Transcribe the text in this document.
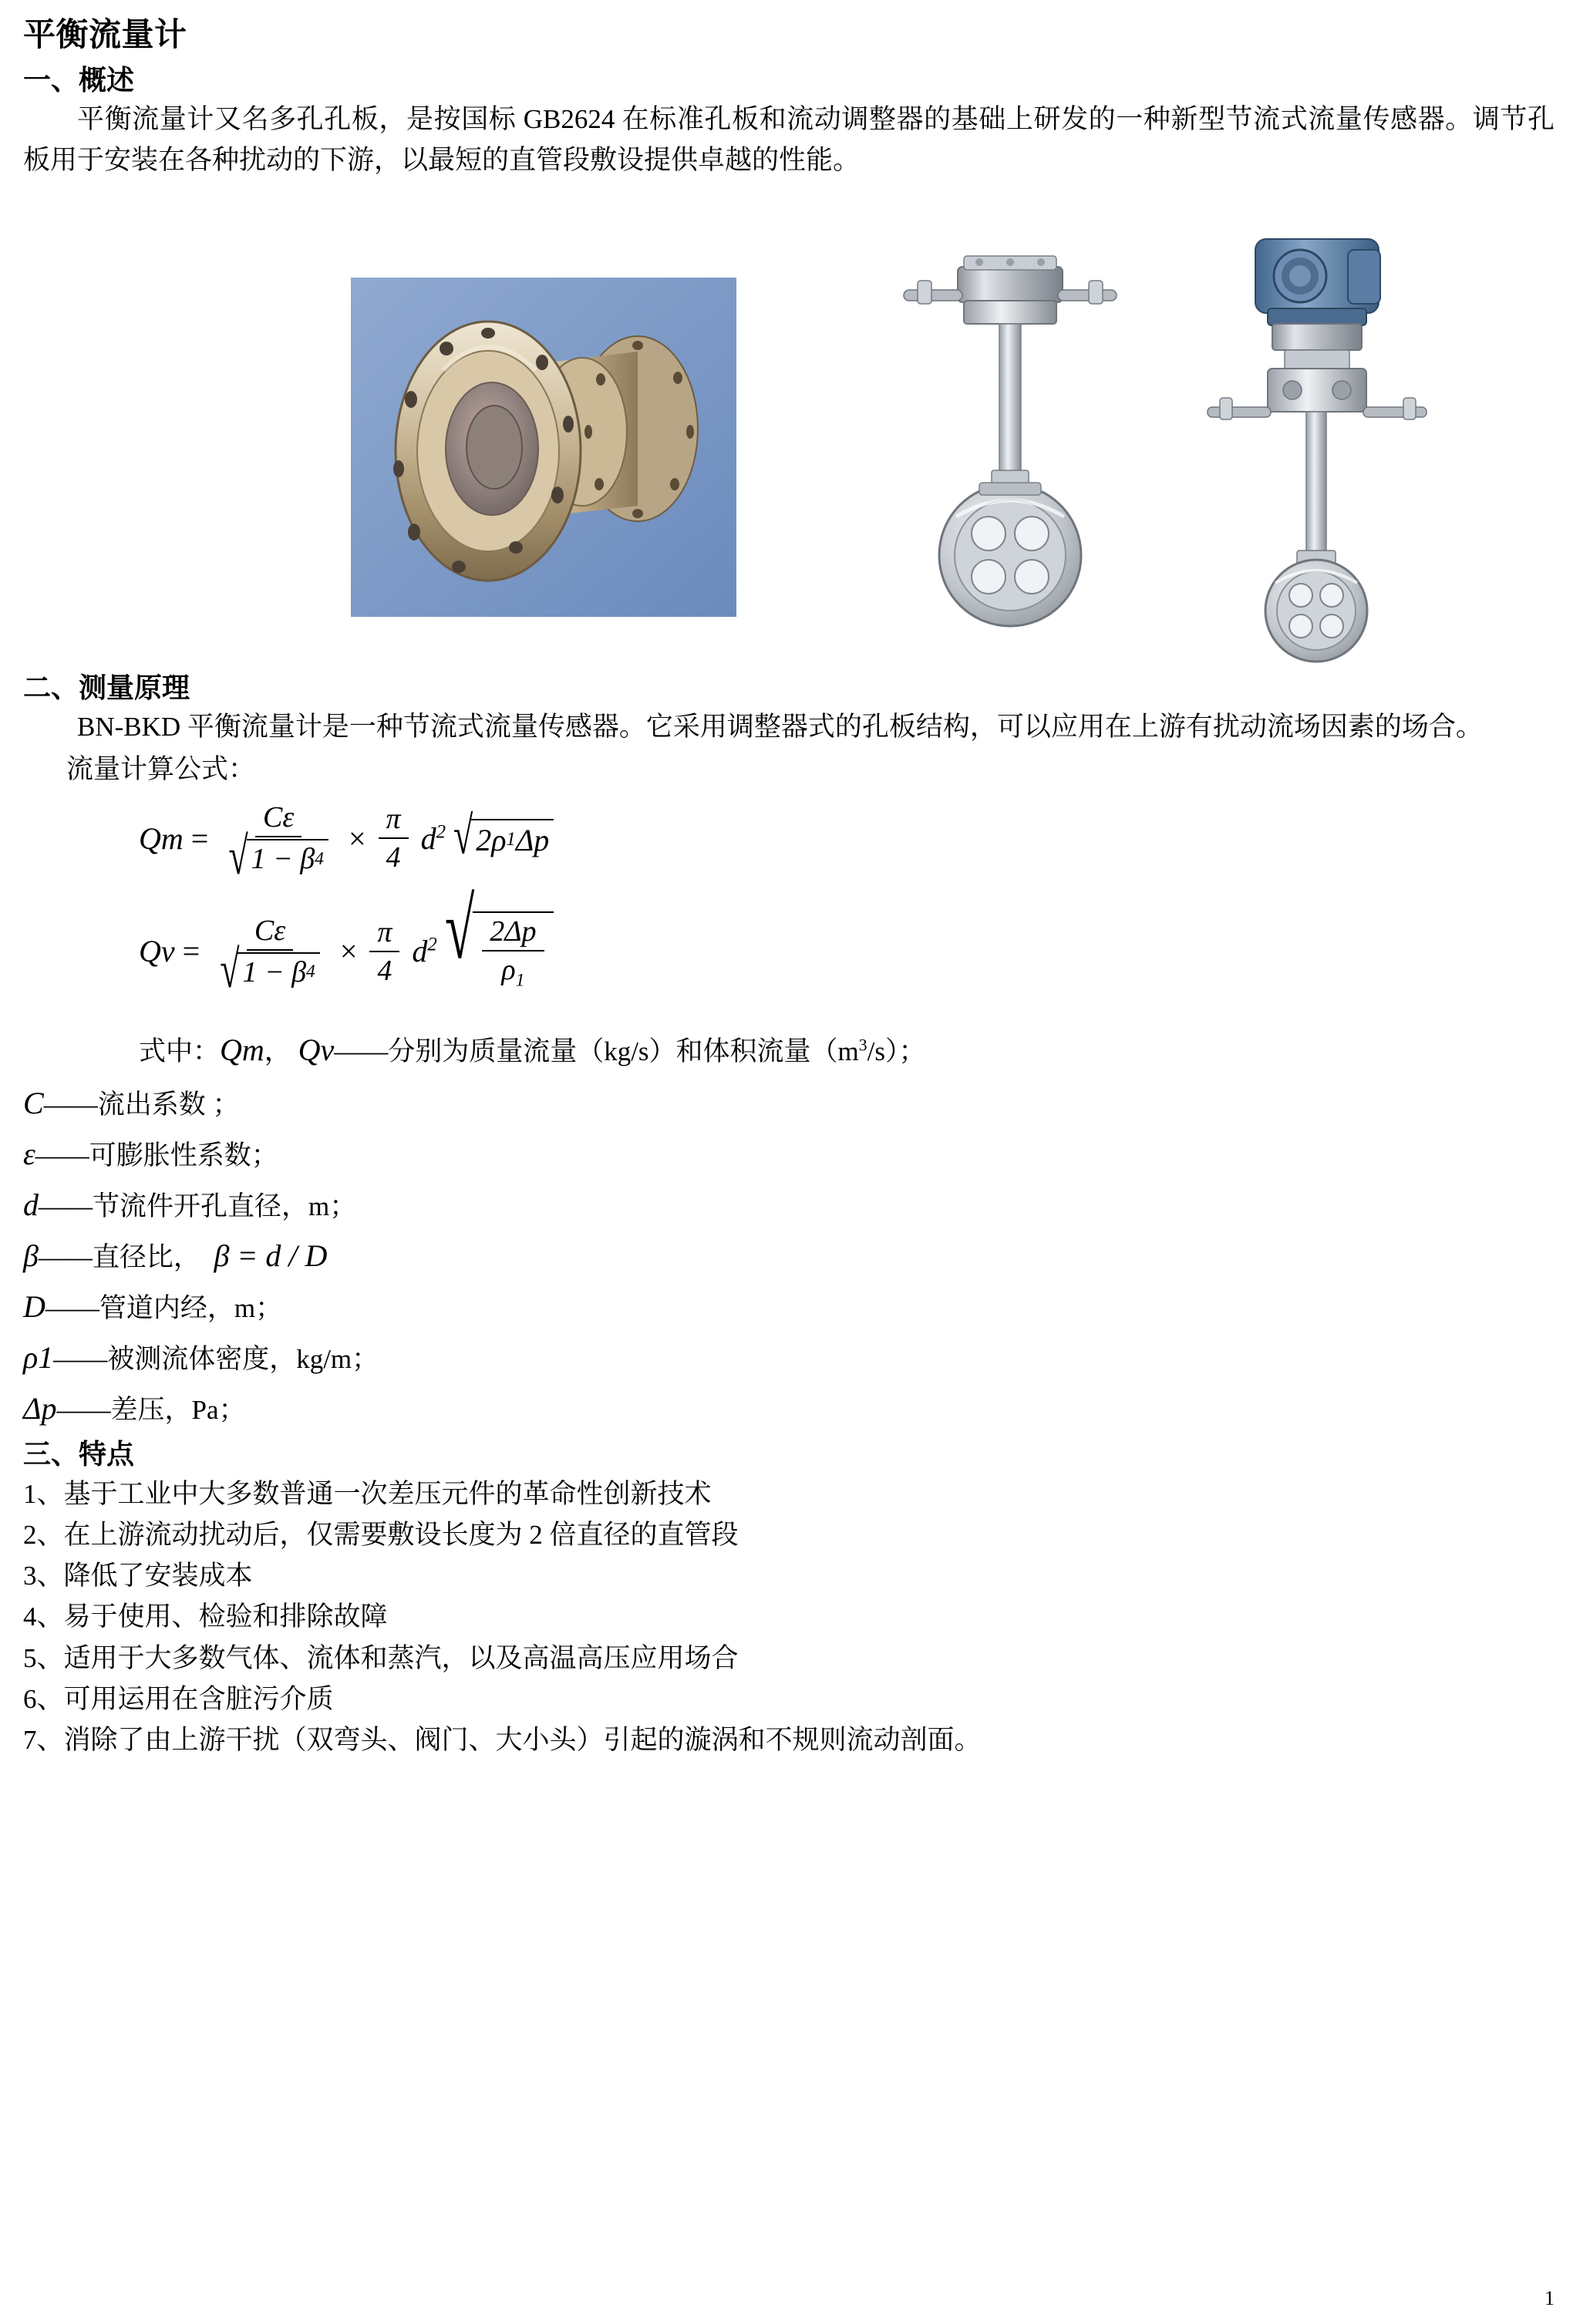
平衡流量计
一、概述

平衡流量计又名多孔孔板，是按国标 GB2624 在标准孔板和流动调整器的基础上研发的一种新型节流式流量传感器。调节孔板用于安装在各种扰动的下游，以最短的直管段敷设提供卓越的性能。

二、测量原理

BN-BKD 平衡流量计是一种节流式流量传感器。它采用调整器式的孔板结构，可以应用在上游有扰动流场因素的场合。

流量计算公式：

$Qm = \frac{C\varepsilon}{√ 1 - \beta 4} \times \frac{\pi}{4} d^2$ √ 2ρ 1 Δp
$Qv = \frac{C\varepsilon}{√ 1 - \beta 4} \times \frac{\pi}{4} d^2$ √ $\frac{2\Delta p}{\rho_1}$
式中：Qm， Qv——分别为质量流量（kg/s）和体积流量$(m^3/s)$；
C——流出系数 ；
ε——可膨胀性系数；
d——节流件开孔直径，m；
β——直径比， β = d / D
D——管道内经，m；
ρ1——被测流体密度，kg/m；
Δp——差压，Pa；
三、特点
1、基于工业中大多数普通一次差压元件的革命性创新技术
2、在上游流动扰动后，仅需要敷设长度为 2 倍直径的直管段
3、降低了安装成本
4、易于使用、检验和排除故障
5、适用于大多数气体、流体和蒸汽，以及高温高压应用场合
6、可用运用在含脏污介质
7、消除了由上游干扰（双弯头、阀门、大小头）引起的漩涡和不规则流动剖面。
1
